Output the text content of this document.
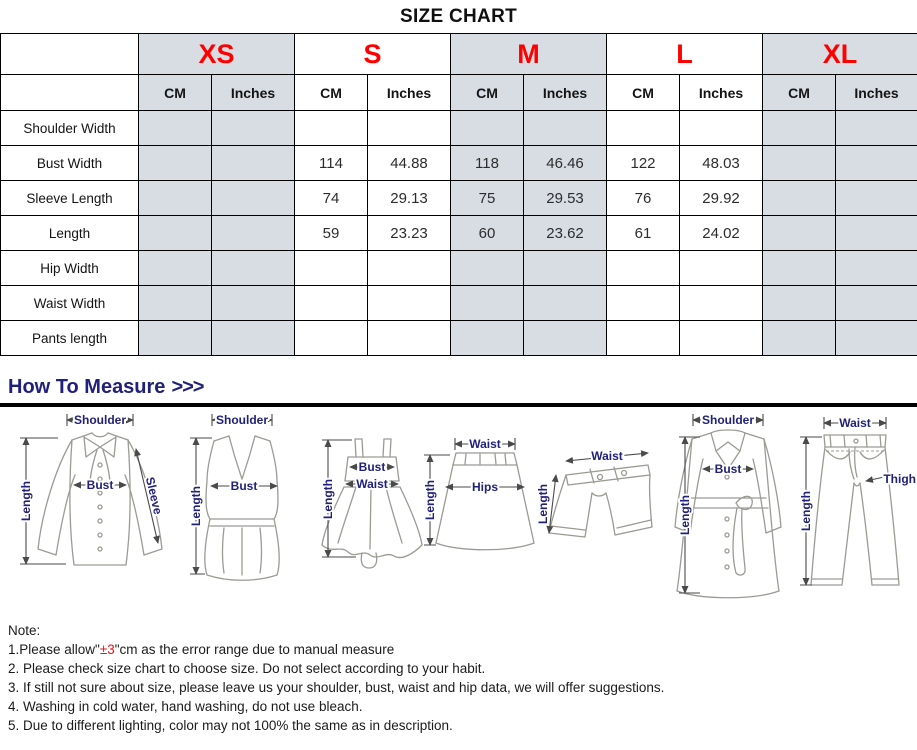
SIZE CHART
	XS		S		M		L		XL	
	CM	Inches	CM	Inches	CM	Inches	CM	Inches	CM	Inches
Shoulder Width										
Bust Width			114	44.88	118	46.46	122	48.03		
Sleeve Length			74	29.13	75	29.53	76	29.92		
Length			59	23.23	60	23.62	61	24.02		
Hip Width										
Waist Width										
Pants length										
How To Measure >>>
Shoulder
Length	Bust Sleeve
Shoulder
Length Bust
Bust
Waist
Length
Waist
Hips
Length
Waist
Length
Shoulder
Bust
Length
Waist
Thigh
Length
Note:
1.Please allow"±3"cm as the error range due to manual measure
2. Please check size chart to choose size. Do not select according to your habit.
3. If still not sure about size, please leave us your shoulder, bust, waist and hip data, we will offer suggestions.
4. Washing in cold water, hand washing, do not use bleach.
5. Due to different lighting, color may not 100% the same as in description.
